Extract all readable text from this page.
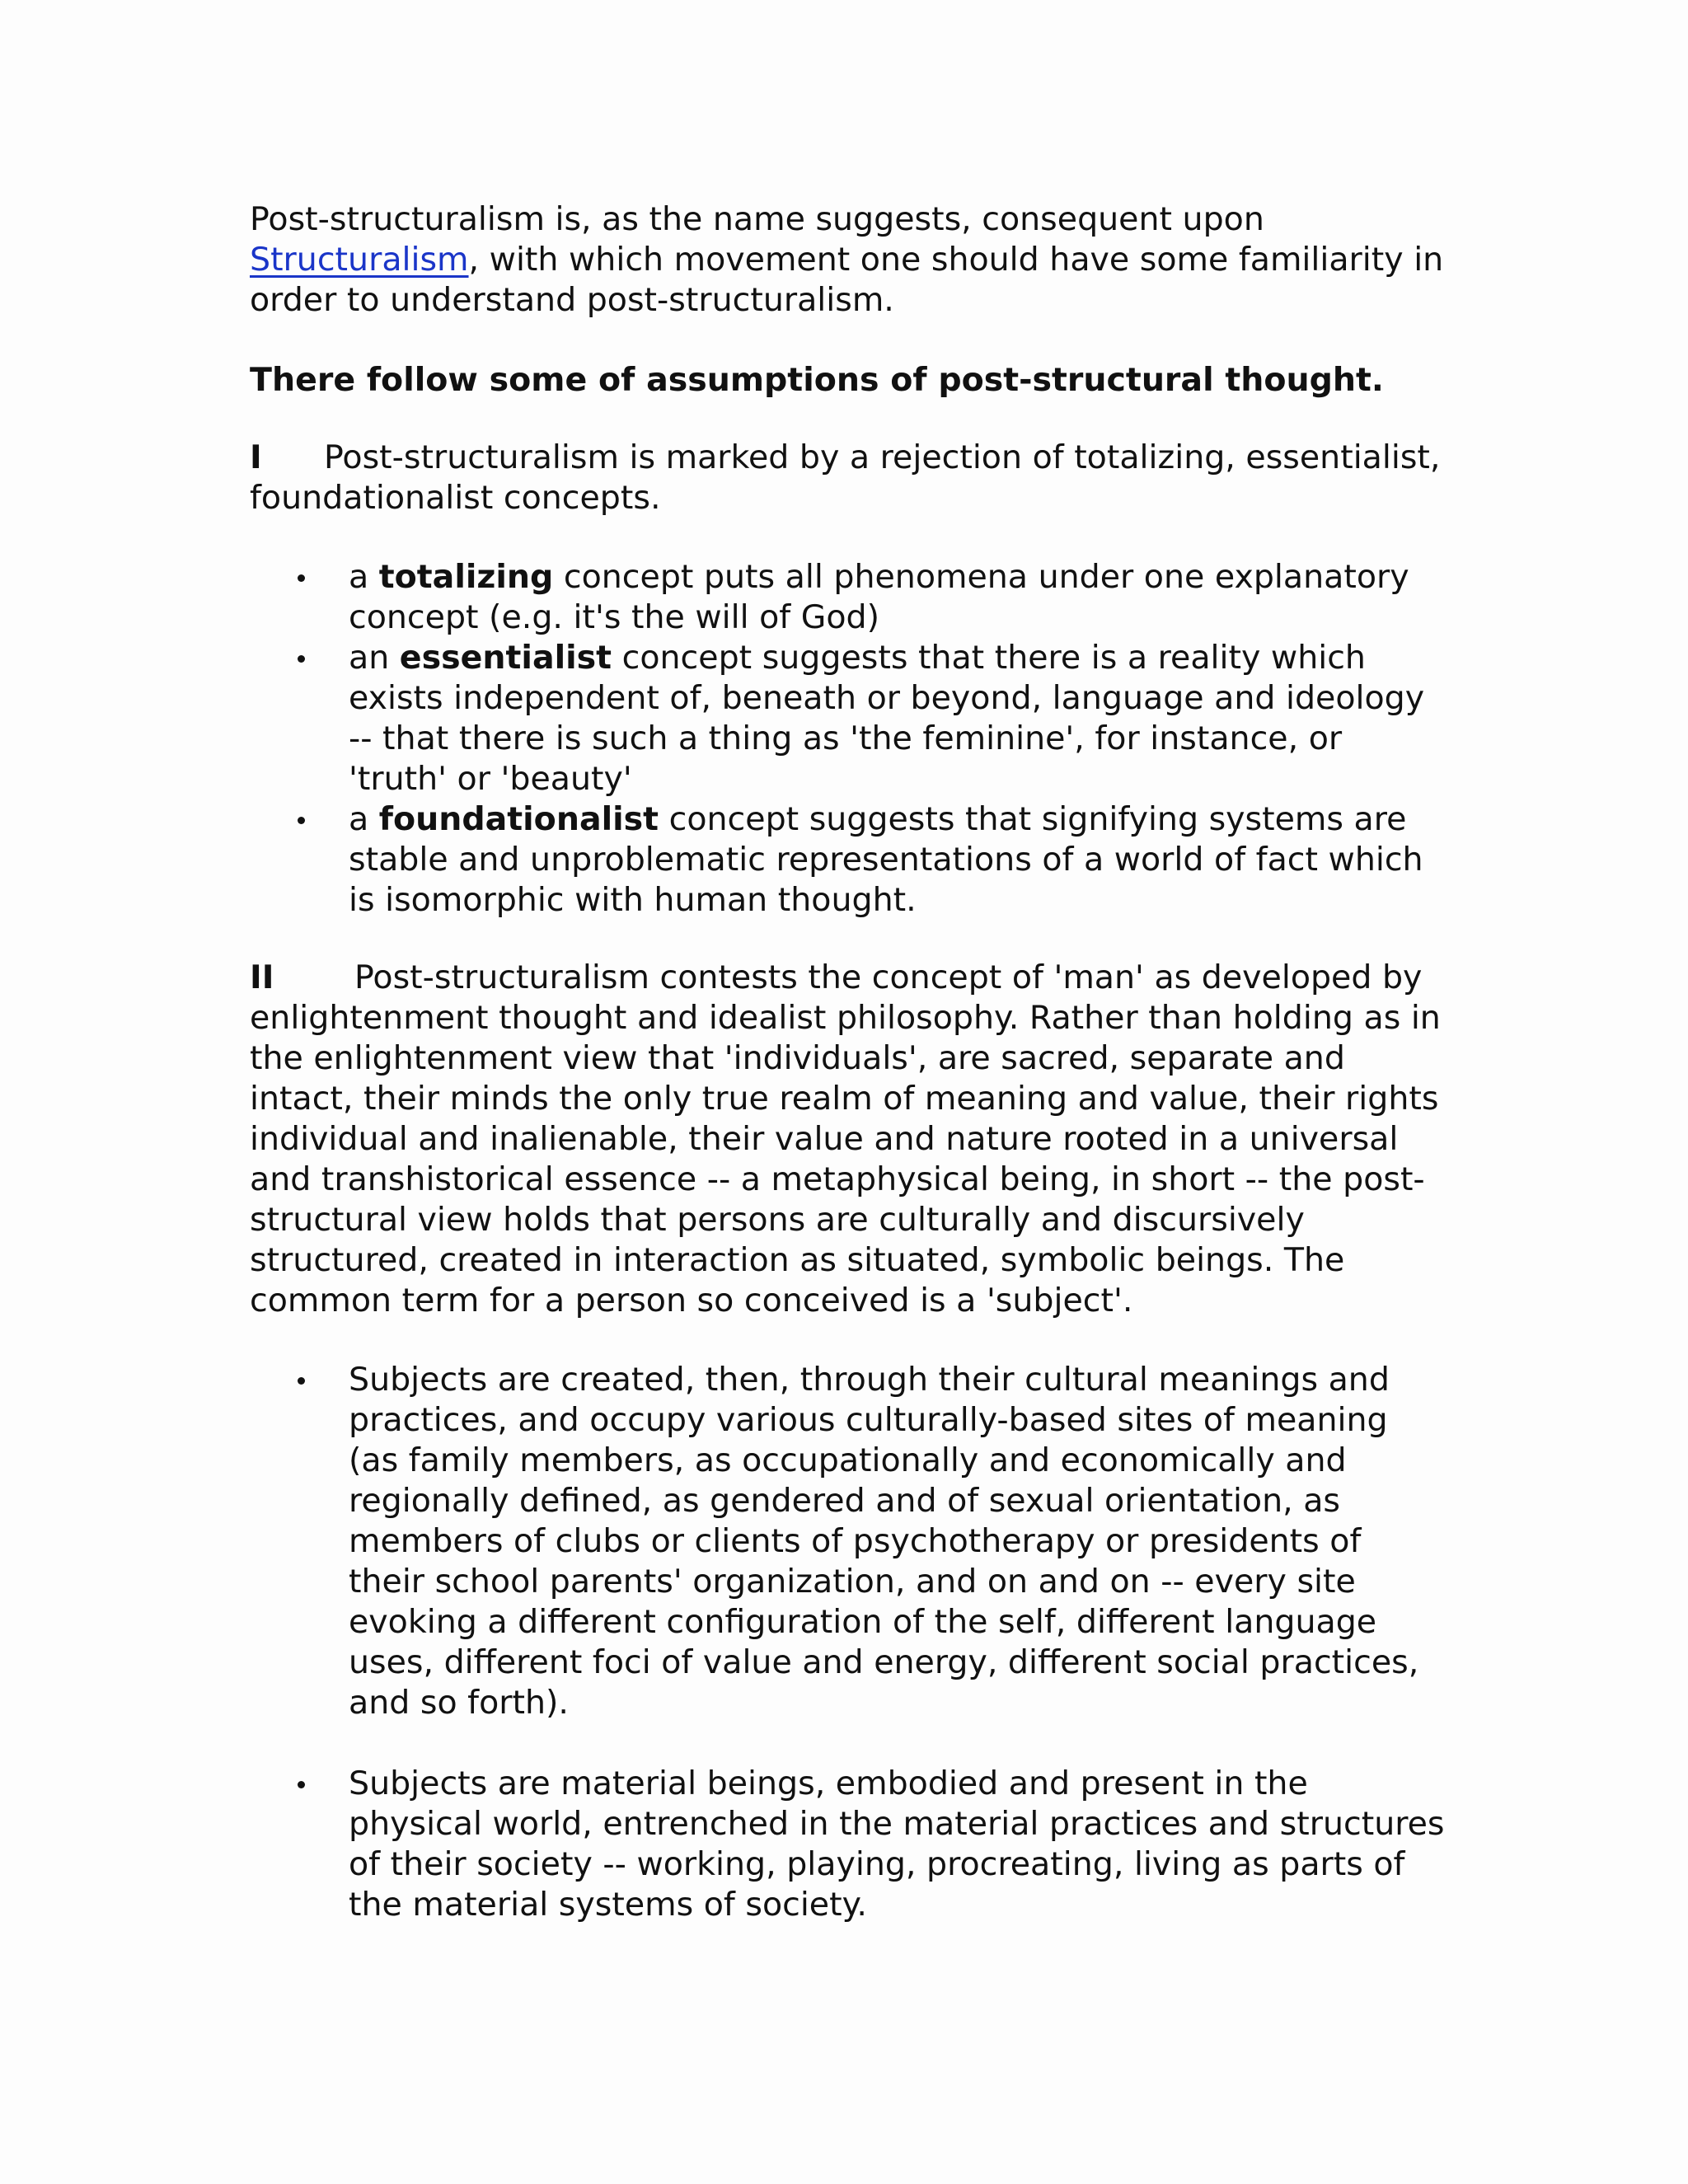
Post-structuralism is, as the name suggests, consequent upon Structuralism, with which movement one should have some familiarity in order to understand post-structuralism.

There follow some of assumptions of post-structural thought.

I Post-structuralism is marked by a rejection of totalizing, essentialist, foundationalist concepts.

a totalizing concept puts all phenomena under one explanatory concept (e.g. it's the will of God)
an essentialist concept suggests that there is a reality which exists independent of, beneath or beyond, language and ideology -- that there is such a thing as 'the feminine', for instance, or 'truth' or 'beauty'
a foundationalist concept suggests that signifying systems are stable and unproblematic representations of a world of fact which is isomorphic with human thought.

II Post-structuralism contests the concept of 'man' as developed by enlightenment thought and idealist philosophy. Rather than holding as in the enlightenment view that 'individuals', are sacred, separate and intact, their minds the only true realm of meaning and value, their rights individual and inalienable, their value and nature rooted in a universal and transhistorical essence -- a metaphysical being, in short -- the post-structural view holds that persons are culturally and discursively structured, created in interaction as situated, symbolic beings. The common term for a person so conceived is a 'subject'.

Subjects are created, then, through their cultural meanings and practices, and occupy various culturally-based sites of meaning (as family members, as occupationally and economically and regionally defined, as gendered and of sexual orientation, as members of clubs or clients of psychotherapy or presidents of their school parents' organization, and on and on -- every site evoking a different configuration of the self, different language uses, different foci of value and energy, different social practices, and so forth).
Subjects are material beings, embodied and present in the physical world, entrenched in the material practices and structures of their society -- working, playing, procreating, living as parts of the material systems of society.
